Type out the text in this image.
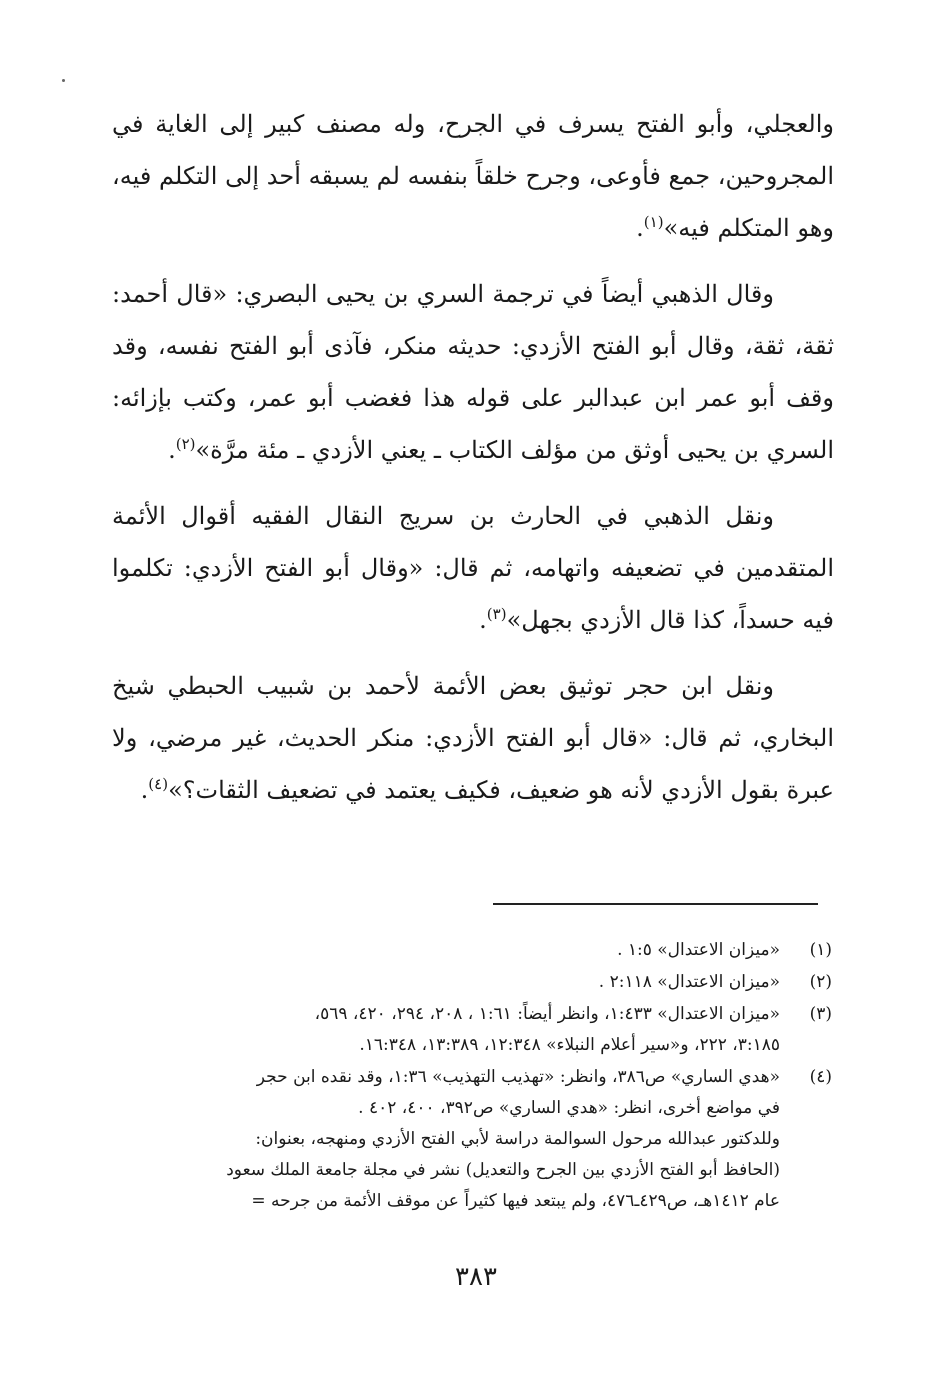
والعجلي، وأبو الفتح يسرف في الجرح، وله مصنف كبير إلى الغاية في المجروحين، جمع فأوعى، وجرح خلقاً بنفسه لم يسبقه أحد إلى التكلم فيه، وهو المتكلم فيه»$^{(١)}$.

وقال الذهبي أيضاً في ترجمة السري بن يحيى البصري: «قال أحمد: ثقة، ثقة، وقال أبو الفتح الأزدي: حديثه منكر، فآذى أبو الفتح نفسه، وقد وقف أبو عمر ابن عبدالبر على قوله هذا فغضب أبو عمر، وكتب بإزائه: السري بن يحيى أوثق من مؤلف الكتاب ـ يعني الأزدي ـ مئة مرَّة»$^{(٢)}$.

ونقل الذهبي في الحارث بن سريج النقال الفقيه أقوال الأئمة المتقدمين في تضعيفه واتهامه، ثم قال: «وقال أبو الفتح الأزدي: تكلموا فيه حسداً، كذا قال الأزدي بجهل»$^{(٣)}$.

ونقل ابن حجر توثيق بعض الأئمة لأحمد بن شبيب الحبطي شيخ البخاري، ثم قال: «قال أبو الفتح الأزدي: منكر الحديث، غير مرضي، ولا عبرة بقول الأزدي لأنه هو ضعيف، فكيف يعتمد في تضعيف الثقات؟»$^{(٤)}$.

(١)
«ميزان الاعتدال» ١:٥ .
(٢)
«ميزان الاعتدال» ٢:١١٨ .
(٣)
«ميزان الاعتدال» ١:٤٣٣، وانظر أيضاً: ١:٦١ ، ٢٠٨، ٢٩٤، ٤٢٠، ٥٦٩،
٣:١٨٥، ٢٢٢، و«سير أعلام النبلاء» ١٢:٣٤٨، ١٣:٣٨٩، ١٦:٣٤٨.
(٤)
«هدي الساري» ص٣٨٦، وانظر: «تهذيب التهذيب» ١:٣٦، وقد نقده ابن حجر
في مواضع أخرى، انظر: «هدي الساري» ص٣٩٢، ٤٠٠، ٤٠٢ .
وللدكتور عبدالله مرحول السوالمة دراسة لأبي الفتح الأزدي ومنهجه، بعنوان:
(الحافظ أبو الفتح الأزدي بين الجرح والتعديل) نشر في مجلة جامعة الملك سعود
عام ١٤١٢هـ، ص٤٢٩ـ٤٧٦، ولم يبتعد فيها كثيراً عن موقف الأئمة من جرحه =
٣٨٣
